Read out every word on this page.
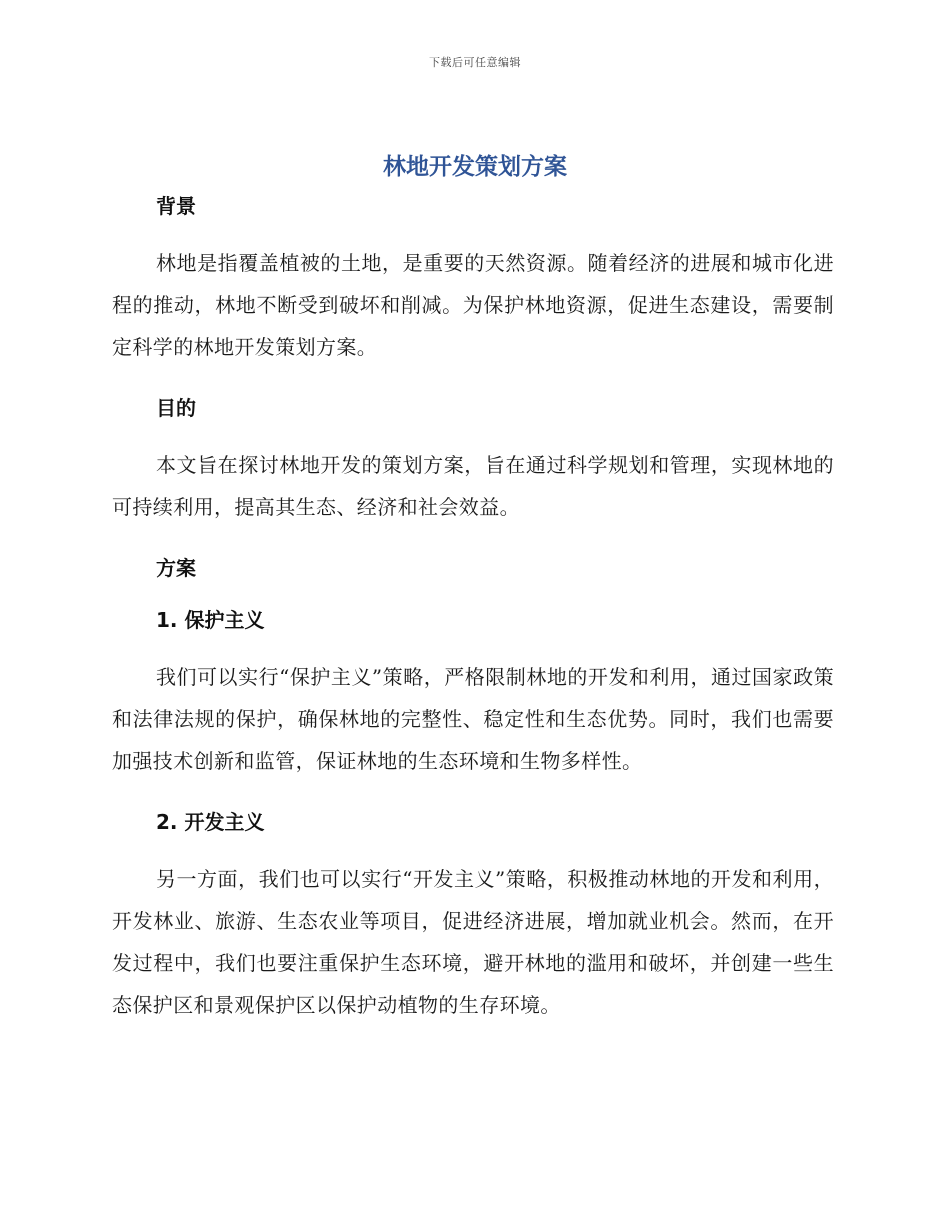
下载后可任意编辑
林地开发策划方案
背景

林地是指覆盖植被的土地，是重要的天然资源。随着经济的进展和城市化进程的推动，林地不断受到破坏和削减。为保护林地资源，促进生态建设，需要制定科学的林地开发策划方案。

目的

本文旨在探讨林地开发的策划方案，旨在通过科学规划和管理，实现林地的可持续利用，提高其生态、经济和社会效益。

方案
1. 保护主义

我们可以实行“保护主义”策略，严格限制林地的开发和利用，通过国家政策和法律法规的保护，确保林地的完整性、稳定性和生态优势。同时，我们也需要加强技术创新和监管，保证林地的生态环境和生物多样性。

2. 开发主义

另一方面，我们也可以实行“开发主义”策略，积极推动林地的开发和利用，开发林业、旅游、生态农业等项目，促进经济进展，增加就业机会。然而，在开发过程中，我们也要注重保护生态环境，避开林地的滥用和破坏，并创建一些生态保护区和景观保护区以保护动植物的生存环境。
